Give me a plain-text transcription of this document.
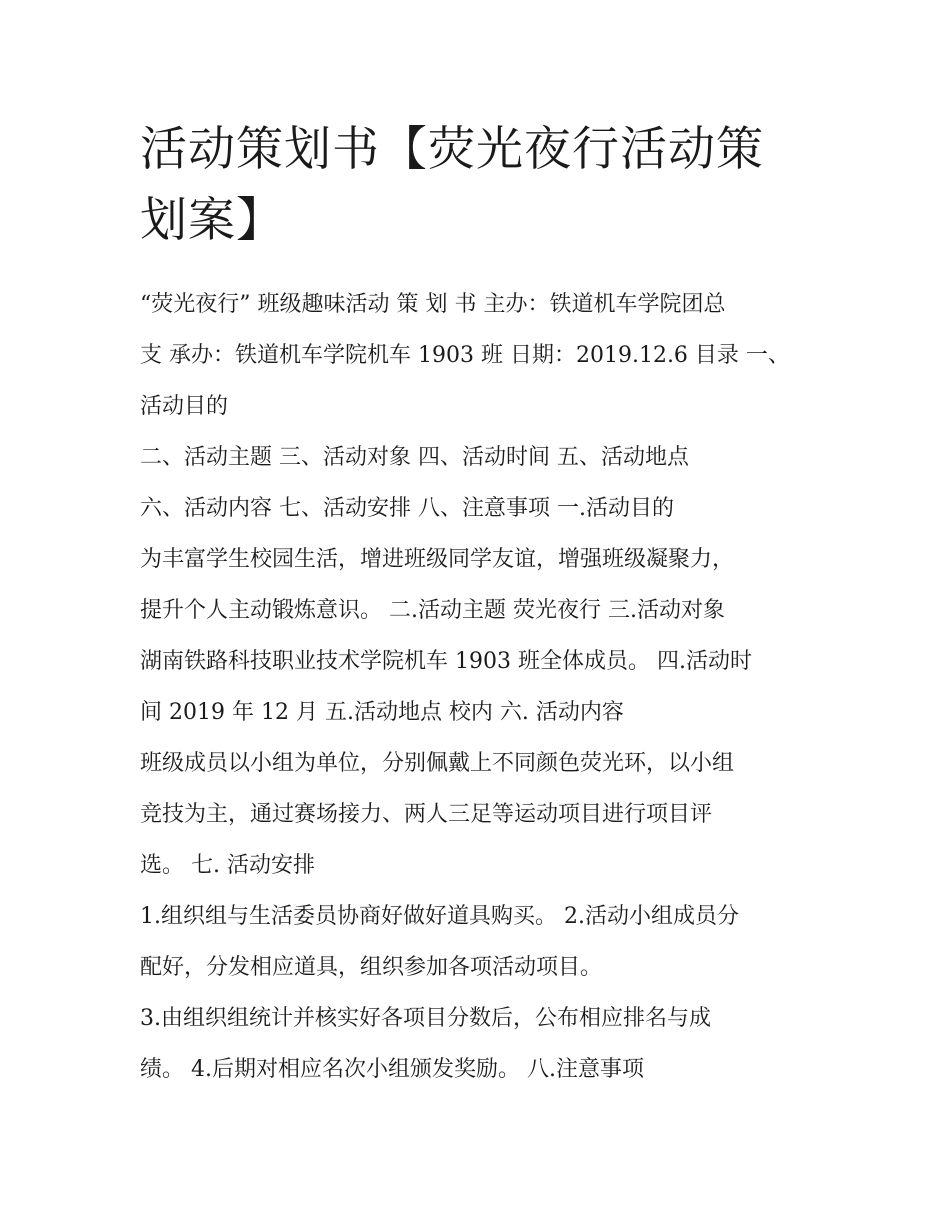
活动策划书【荧光夜行活动策
划案】
“荧光夜行” 班级趣味活动 策 划 书 主办：铁道机车学院团总
支 承办：铁道机车学院机车 1903 班 日期：2019.12.6 目录 一、
活动目的
二、活动主题 三、活动对象 四、活动时间 五、活动地点
六、活动内容 七、活动安排 八、注意事项 一.活动目的
为丰富学生校园生活，增进班级同学友谊，增强班级凝聚力，
提升个人主动锻炼意识。 二.活动主题 荧光夜行 三.活动对象
湖南铁路科技职业技术学院机车 1903 班全体成员。 四.活动时
间 2019 年 12 月 五.活动地点 校内 六. 活动内容
班级成员以小组为单位，分别佩戴上不同颜色荧光环，以小组
竞技为主，通过赛场接力、两人三足等运动项目进行项目评
选。 七. 活动安排
1.组织组与生活委员协商好做好道具购买。 2.活动小组成员分
配好，分发相应道具，组织参加各项活动项目。
3.由组织组统计并核实好各项目分数后，公布相应排名与成
绩。 4.后期对相应名次小组颁发奖励。 八.注意事项
